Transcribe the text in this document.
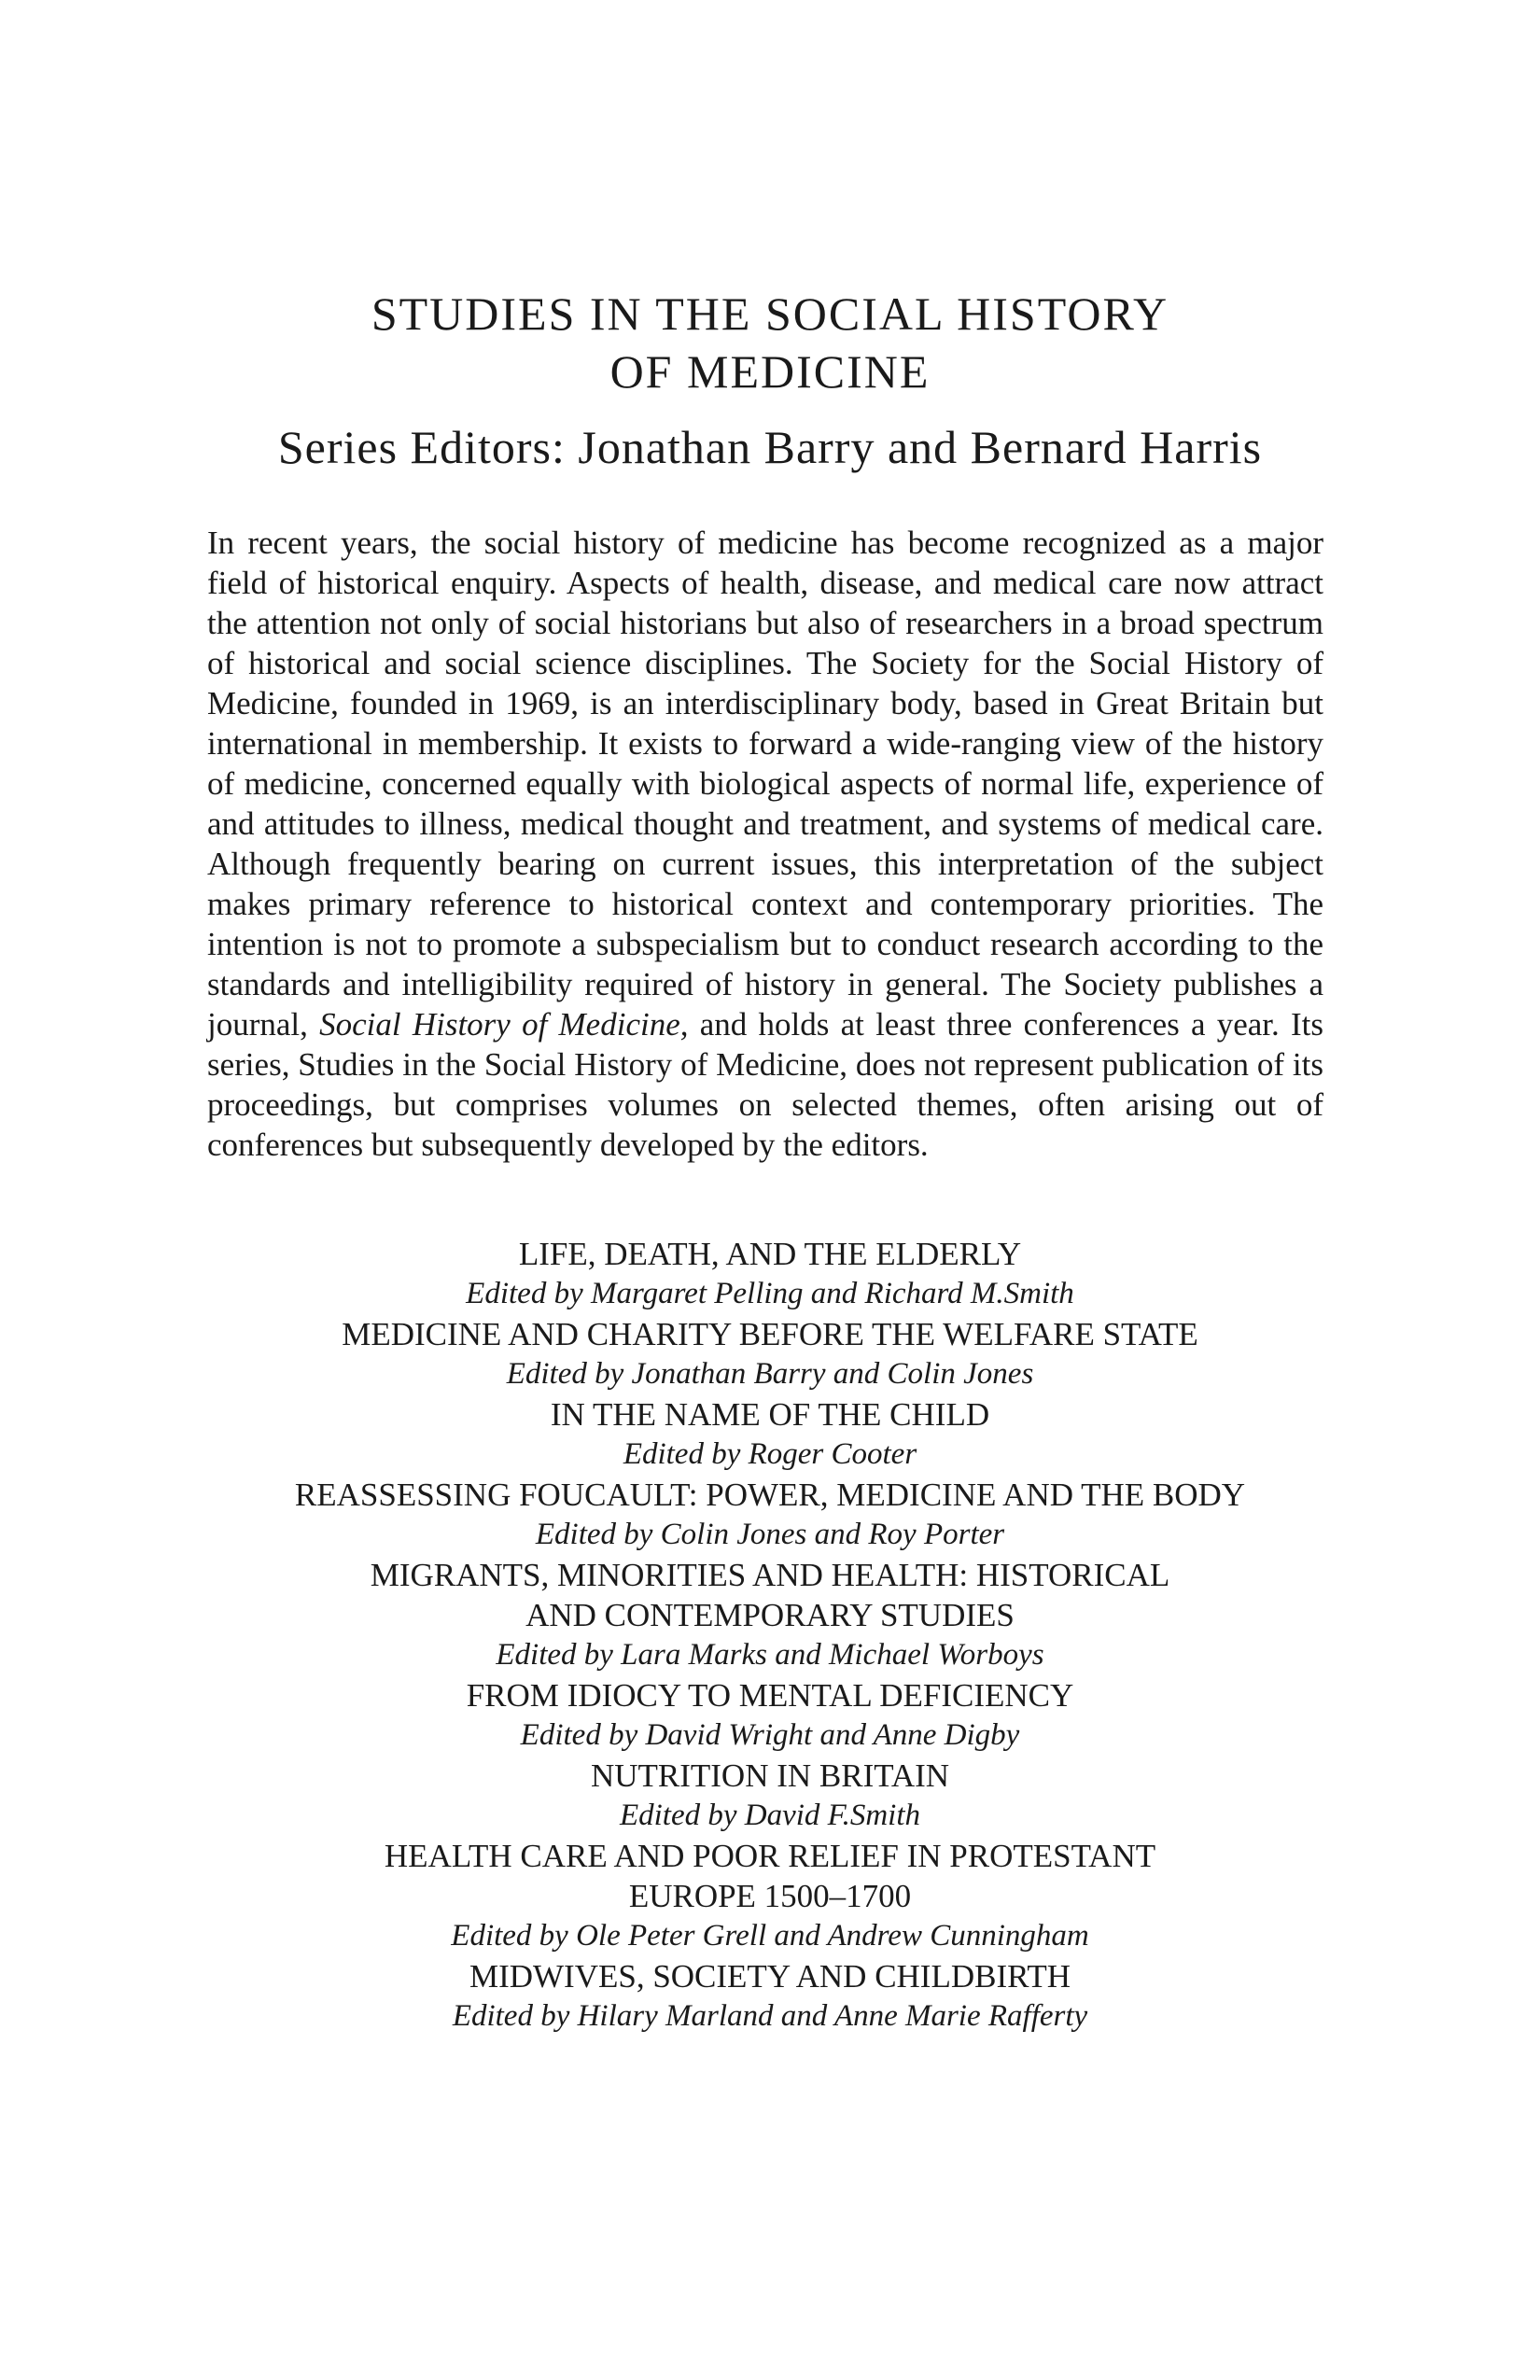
STUDIES IN THE SOCIAL HISTORY
OF MEDICINE
Series Editors: Jonathan Barry and Bernard Harris

In recent years, the social history of medicine has become recognized as a major field of historical enquiry. Aspects of health, disease, and medical care now attract the attention not only of social historians but also of researchers in a broad spectrum of historical and social science disciplines. The Society for the Social History of Medicine, founded in 1969, is an interdisciplinary body, based in Great Britain but international in membership. It exists to forward a wide-ranging view of the history of medicine, concerned equally with biological aspects of normal life, experience of and attitudes to illness, medical thought and treatment, and systems of medical care. Although frequently bearing on current issues, this interpretation of the subject makes primary reference to historical context and contemporary priorities. The intention is not to promote a subspecialism but to conduct research according to the standards and intelligibility required of history in general. The Society publishes a journal, Social History of Medicine, and holds at least three conferences a year. Its series, Studies in the Social History of Medicine, does not represent publication of its proceedings, but comprises volumes on selected themes, often arising out of conferences but subsequently developed by the editors.

LIFE, DEATH, AND THE ELDERLY
Edited by Margaret Pelling and Richard M.Smith
MEDICINE AND CHARITY BEFORE THE WELFARE STATE
Edited by Jonathan Barry and Colin Jones
IN THE NAME OF THE CHILD
Edited by Roger Cooter
REASSESSING FOUCAULT: POWER, MEDICINE AND THE BODY
Edited by Colin Jones and Roy Porter
MIGRANTS, MINORITIES AND HEALTH: HISTORICAL
AND CONTEMPORARY STUDIES
Edited by Lara Marks and Michael Worboys
FROM IDIOCY TO MENTAL DEFICIENCY
Edited by David Wright and Anne Digby
NUTRITION IN BRITAIN
Edited by David F.Smith
HEALTH CARE AND POOR RELIEF IN PROTESTANT
EUROPE 1500–1700
Edited by Ole Peter Grell and Andrew Cunningham
MIDWIVES, SOCIETY AND CHILDBIRTH
Edited by Hilary Marland and Anne Marie Rafferty
